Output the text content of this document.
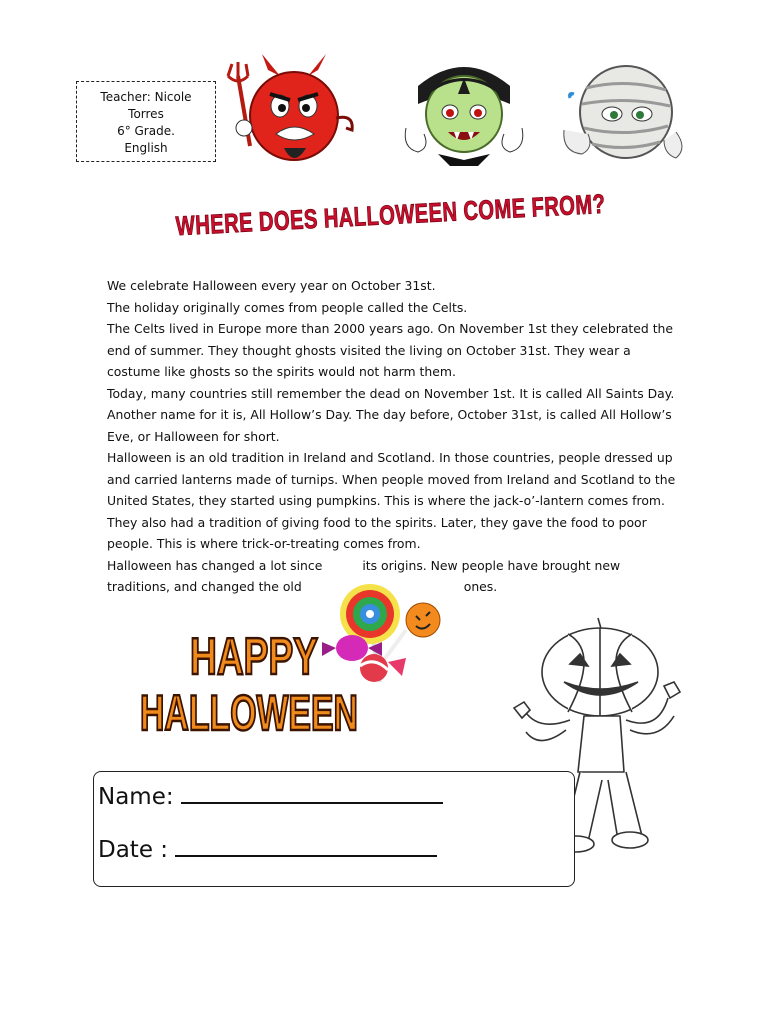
Teacher: Nicole
Torres
6° Grade.
English
WHERE DOES HALLOWEEN COME FROM?

We celebrate Halloween every year on October 31st.

The holiday originally comes from people called the Celts.

The Celts lived in Europe more than 2000 years ago. On November 1st they celebrated the

end of summer. They thought ghosts visited the living on October 31st. They wear a

costume like ghosts so the spirits would not harm them.

Today, many countries still remember the dead on November 1st. It is called All Saints Day.

Another name for it is, All Hollow’s Day. The day before, October 31st, is called All Hollow’s

Eve, or Halloween for short.

Halloween is an old tradition in Ireland and Scotland. In those countries, people dressed up

and carried lanterns made of turnips. When people moved from Ireland and Scotland to the

United States, they started using pumpkins. This is where the jack-o’-lantern comes from.

They also had a tradition of giving food to the spirits. Later, they gave the food to poor

people. This is where trick-or-treating comes from.

Halloween has changed a lot since	its origins. New people have brought new

traditions, and changed the old	ones.

HAPPY
HALLOWEEN
Name:
Date :
